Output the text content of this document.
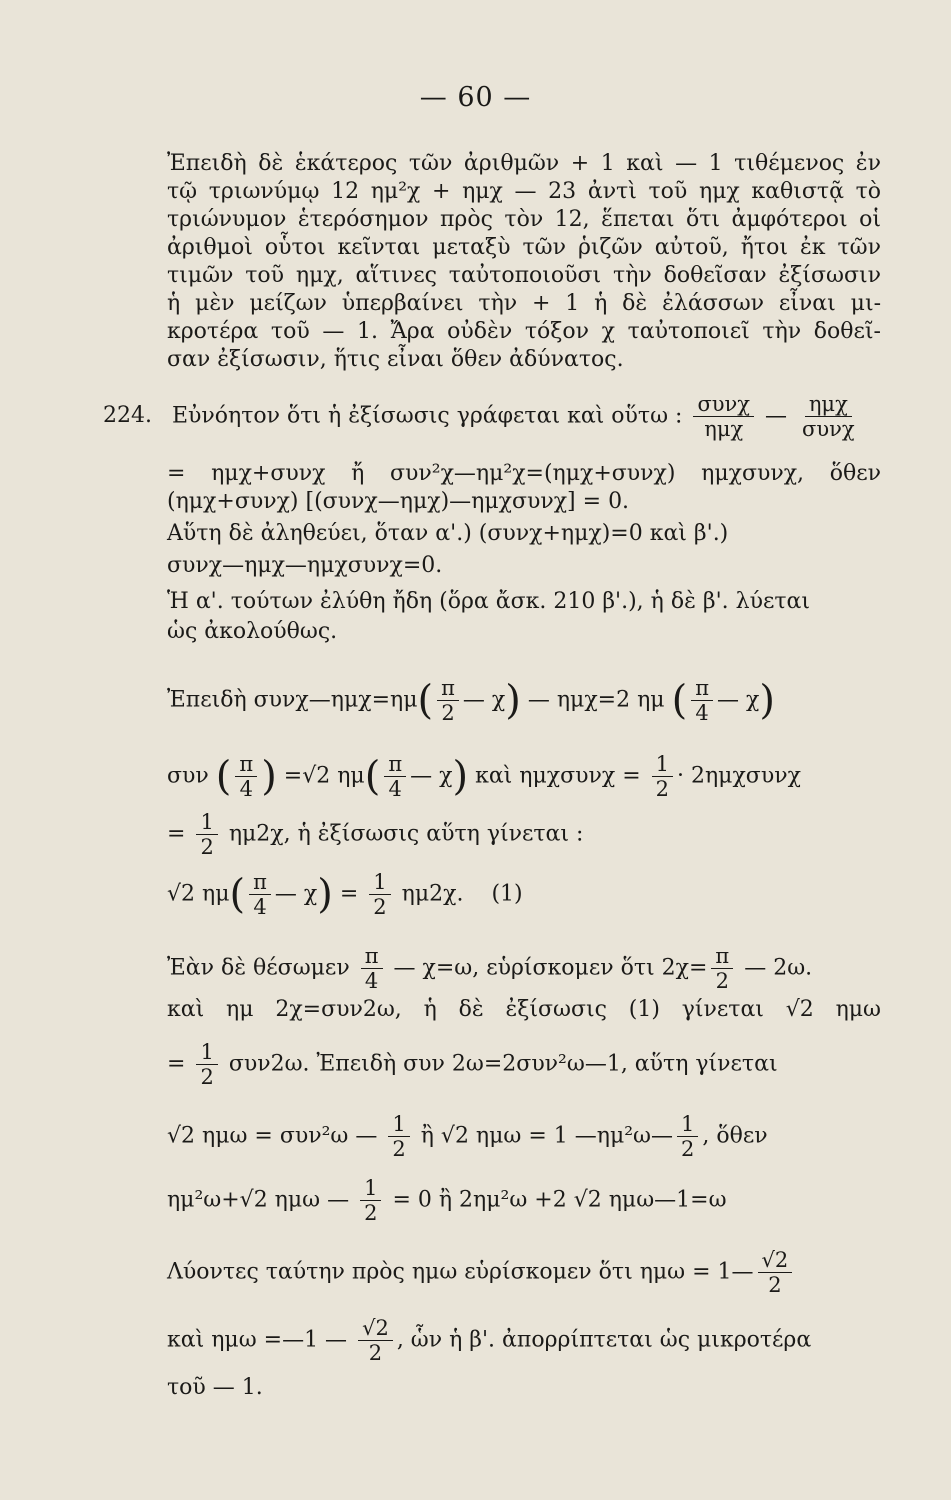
— 60 —
Ἐπειδὴ δὲ ἑκάτερος τῶν ἀριθμῶν + 1 καὶ — 1 τιθέμενος ἐν
τῷ τριωνύμῳ 12 ημ²χ + ημχ — 23 ἀντὶ τοῦ ημχ καθιστᾷ τὸ
τριώνυμον ἑτερόσημον πρὸς τὸν 12, ἕπεται ὅτι ἀμφότεροι οἱ
ἀριθμοὶ οὗτοι κεῖνται μεταξὺ τῶν ῥιζῶν αὐτοῦ, ἤτοι ἐκ τῶν
τιμῶν τοῦ ημχ, αἵτινες ταὐτοποιοῦσι τὴν δοθεῖσαν ἐξίσωσιν
ἡ μὲν μείζων ὑπερβαίνει τὴν + 1 ἡ δὲ ἐλάσσων εἶναι μι-
κροτέρα τοῦ — 1. Ἄρα οὐδὲν τόξον χ ταὐτοποιεῖ τὴν δοθεῖ-
σαν ἐξίσωσιν, ἥτις εἶναι ὅθεν ἀδύνατος.
224. Εὐνόητον ὅτι ἡ ἐξίσωσις γράφεται καὶ οὕτω : $\frac{\text{συνχ}}{\text{ημχ}}$ — $\frac{\text{ημχ}}{\text{συνχ}}$
= ημχ+συνχ ἤ συν²χ—ημ²χ=(ημχ+συνχ) ημχσυνχ, ὅθεν
(ημχ+συνχ) [(συνχ—ημχ)—ημχσυνχ] = 0.
Αὕτη δὲ ἀληθεύει, ὅταν α'.) (συνχ+ημχ)=0 καὶ β'.)
συνχ—ημχ—ημχσυνχ=0.
Ἡ α'. τούτων ἐλύθη ἤδη (ὅρα ἄσκ. 210 β'.), ἡ δὲ β'. λύεται
ὡς ἀκολούθως.
Ἐπειδὴ συνχ—ημχ=ημ( $\frac{\pi}{2}$ — χ) — ημχ=2 ημ ( $\frac{\pi}{4}$ — χ)
συν ( $\frac{\pi}{4}$ ) =√2 $\eta\mu( \frac{\pi}{4}$ — χ) καὶ $\eta\mu\chi\sigma\upsilon\nu\chi = \frac{1}{2} \cdot 2\eta\mu\chi\sigma\upsilon\nu\chi$
= $\frac{1}{2} \eta\mu 2\chi$, ἡ ἐξίσωσις αὕτη γίνεται :
√2 $\eta\mu( \frac{\pi}{4}$ — $\chi) = \frac{1}{2} \eta\mu 2\chi$. (1)
Ἐὰν δὲ θέσωμεν $\frac{\pi}{4}$ — χ=ω, εὑρίσκομεν ὅτι $2\chi= \frac{\pi}{2}$ — 2ω.
καὶ ημ 2χ=συν2ω, ἡ δὲ ἐξίσωσις (1) γίνεται √2 ημω
= $\frac{1}{2} \sigma\upsilon\nu 2\omega$. Ἐπειδὴ συν 2ω=2συν²ω—1, αὕτη γίνεται
√2 ημω = συν²ω — $\frac{1}{2}$ ἢ √2 ημω = 1 —ημ²ω— $\frac{1}{2}$ , ὅθεν
ημ²ω+√2 ημω — $\frac{1}{2} = 0$ ἢ 2ημ²ω +2 √2 ημω—1=ω
Λύοντες ταύτην πρὸς ημω εὑρίσκομεν ὅτι ημω = 1— $\frac{√2}{2}$
καὶ ημω =—1 — $\frac{√2}{2}$ , ὧν ἡ β'. ἀπορρίπτεται ὡς μικροτέρα
τοῦ — 1.
